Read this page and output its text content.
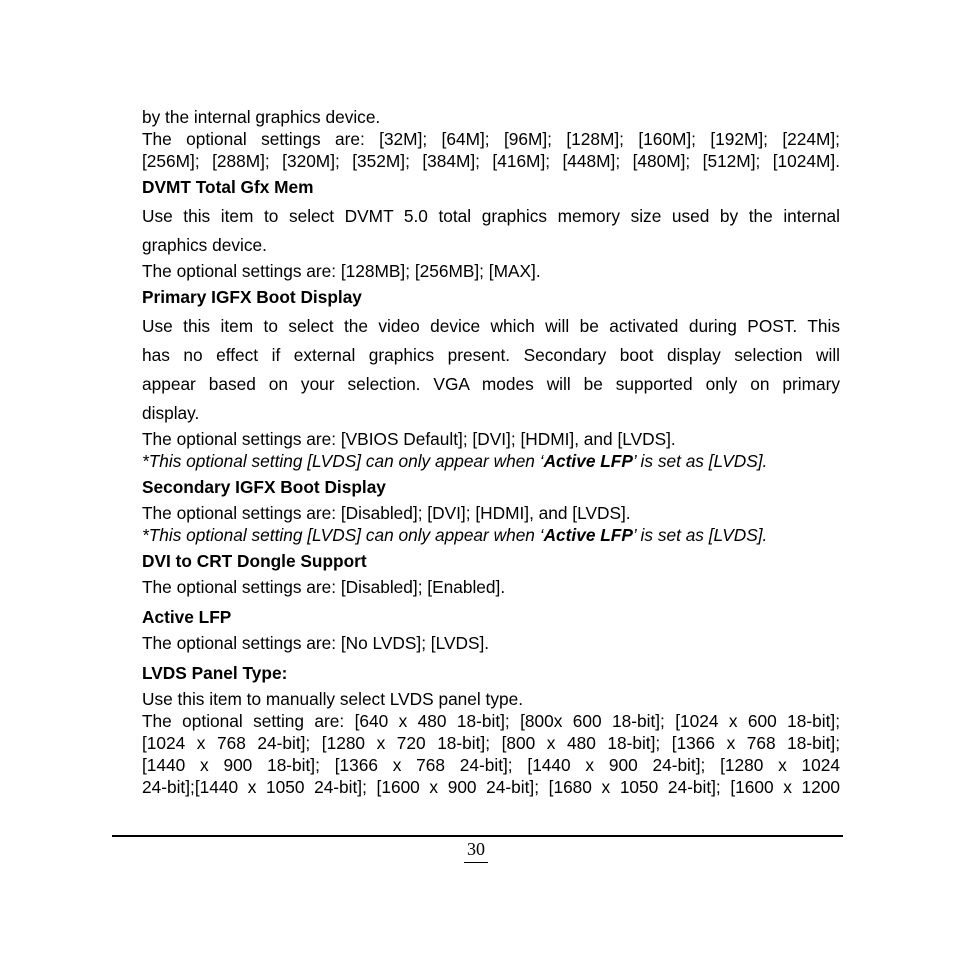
by the internal graphics device.
The optional settings are: [32M]; [64M]; [96M]; [128M]; [160M]; [192M]; [224M];
[256M]; [288M]; [320M]; [352M]; [384M]; [416M]; [448M]; [480M]; [512M]; [1024M].
DVMT Total Gfx Mem
Use this item to select DVMT 5.0 total graphics memory size used by the internal
graphics device.
The optional settings are: [128MB]; [256MB]; [MAX].
Primary IGFX Boot Display
Use this item to select the video device which will be activated during POST. This
has no effect if external graphics present. Secondary boot display selection will
appear based on your selection. VGA modes will be supported only on primary
display.
The optional settings are: [VBIOS Default]; [DVI]; [HDMI], and [LVDS].
*This optional setting [LVDS] can only appear when ‘Active LFP’ is set as [LVDS].
Secondary IGFX Boot Display
The optional settings are: [Disabled]; [DVI]; [HDMI], and [LVDS].
*This optional setting [LVDS] can only appear when ‘Active LFP’ is set as [LVDS].
DVI to CRT Dongle Support
The optional settings are: [Disabled]; [Enabled].
Active LFP
The optional settings are: [No LVDS]; [LVDS].
LVDS Panel Type:
Use this item to manually select LVDS panel type.
The optional setting are: [640 x 480 18-bit]; [800x 600 18-bit]; [1024 x 600 18-bit];
[1024 x 768 24-bit]; [1280 x 720 18-bit]; [800 x 480 18-bit]; [1366 x 768 18-bit];
[1440 x 900 18-bit]; [1366 x 768 24-bit]; [1440 x 900 24-bit]; [1280 x 1024
24-bit];[1440 x 1050 24-bit]; [1600 x 900 24-bit]; [1680 x 1050 24-bit]; [1600 x 1200
30
